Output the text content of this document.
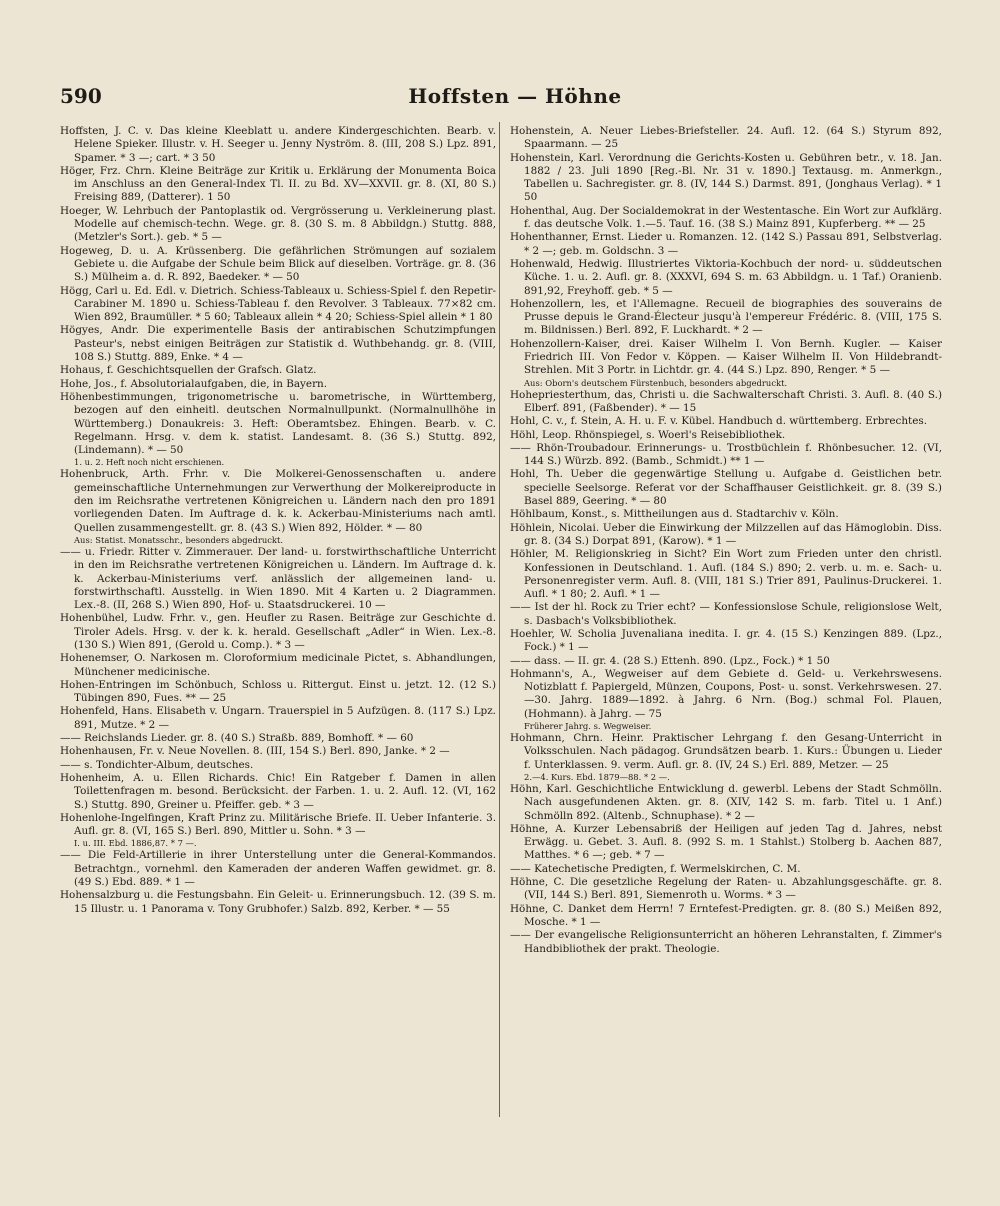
590	Hoffsten — Höhne

Hoffsten, J. C. v. Das kleine Kleeblatt u. andere Kindergeschichten. Bearb. v. Helene Spieker. Illustr. v. H. Seeger u. Jenny Nyström. 8. (III, 208 S.) Lpz. 891, Spamer. * 3 —; cart. * 3 50

Höger, Frz. Chrn. Kleine Beiträge zur Kritik u. Erklärung der Monumenta Boica im Anschluss an den General-Index Tl. II. zu Bd. XV—XXVII. gr. 8. (XI, 80 S.) Freising 889, (Datterer). 1 50

Hoeger, W. Lehrbuch der Pantoplastik od. Vergrösserung u. Verkleinerung plast. Modelle auf chemisch-techn. Wege. gr. 8. (30 S. m. 8 Abbildgn.) Stuttg. 888, (Metzler's Sort.). geb. * 5 —

Hogeweg, D. u. A. Krüssenberg. Die gefährlichen Strömungen auf sozialem Gebiete u. die Aufgabe der Schule beim Blick auf dieselben. Vorträge. gr. 8. (36 S.) Mülheim a. d. R. 892, Baedeker. * — 50

Högg, Carl u. Ed. Edl. v. Dietrich. Schiess-Tableaux u. Schiess-Spiel f. den Repetir-Carabiner M. 1890 u. Schiess-Tableau f. den Revolver. 3 Tableaux. 77×82 cm. Wien 892, Braumüller. * 5 60; Tableaux allein * 4 20; Schiess-Spiel allein * 1 80

Högyes, Andr. Die experimentelle Basis der antirabischen Schutzimpfungen Pasteur's, nebst einigen Beiträgen zur Statistik d. Wuthbehandg. gr. 8. (VIII, 108 S.) Stuttg. 889, Enke. * 4 —

Hohaus, f. Geschichtsquellen der Grafsch. Glatz.

Hohe, Jos., f. Absolutorialaufgaben, die, in Bayern.

Höhenbestimmungen, trigonometrische u. barometrische, in Württemberg, bezogen auf den einheitl. deutschen Normalnullpunkt. (Normalnullhöhe in Württemberg.) Donaukreis: 3. Heft: Oberamtsbez. Ehingen. Bearb. v. C. Regelmann. Hrsg. v. dem k. statist. Landesamt. 8. (36 S.) Stuttg. 892, (Lindemann). * — 50

1. u. 2. Heft noch nicht erschienen.

Hohenbruck, Arth. Frhr. v. Die Molkerei-Genossenschaften u. andere gemeinschaftliche Unternehmungen zur Verwerthung der Molkereiproducte in den im Reichsrathe vertretenen Königreichen u. Ländern nach den pro 1891 vorliegenden Daten. Im Auftrage d. k. k. Ackerbau-Ministeriums nach amtl. Quellen zusammengestellt. gr. 8. (43 S.) Wien 892, Hölder. * — 80

Aus: Statist. Monatsschr., besonders abgedruckt.

—— u. Friedr. Ritter v. Zimmerauer. Der land- u. forstwirthschaftliche Unterricht in den im Reichsrathe vertretenen Königreichen u. Ländern. Im Auftrage d. k. k. Ackerbau-Ministeriums verf. anlässlich der allgemeinen land- u. forstwirthschaftl. Ausstellg. in Wien 1890. Mit 4 Karten u. 2 Diagrammen. Lex.-8. (II, 268 S.) Wien 890, Hof- u. Staatsdruckerei. 10 —

Hohenbühel, Ludw. Frhr. v., gen. Heufler zu Rasen. Beiträge zur Geschichte d. Tiroler Adels. Hrsg. v. der k. k. herald. Gesellschaft „Adler“ in Wien. Lex.-8. (130 S.) Wien 891, (Gerold u. Comp.). * 3 —

Hohenemser, O. Narkosen m. Cloroformium medicinale Pictet, s. Abhandlungen, Münchener medicinische.

Hohen-Entringen im Schönbuch, Schloss u. Rittergut. Einst u. jetzt. 12. (12 S.) Tübingen 890, Fues. ** — 25

Hohenfeld, Hans. Elisabeth v. Ungarn. Trauerspiel in 5 Aufzügen. 8. (117 S.) Lpz. 891, Mutze. * 2 —

—— Reichslands Lieder. gr. 8. (40 S.) Straßb. 889, Bomhoff. * — 60

Hohenhausen, Fr. v. Neue Novellen. 8. (III, 154 S.) Berl. 890, Janke. * 2 —

—— s. Tondichter-Album, deutsches.

Hohenheim, A. u. Ellen Richards. Chic! Ein Ratgeber f. Damen in allen Toilettenfragen m. besond. Berücksicht. der Farben. 1. u. 2. Aufl. 12. (VI, 162 S.) Stuttg. 890, Greiner u. Pfeiffer. geb. * 3 —

Hohenlohe-Ingelfingen, Kraft Prinz zu. Militärische Briefe. II. Ueber Infanterie. 3. Aufl. gr. 8. (VI, 165 S.) Berl. 890, Mittler u. Sohn. * 3 —

I. u. III. Ebd. 1886,87. * 7 —.

—— Die Feld-Artillerie in ihrer Unterstellung unter die General-Kommandos. Betrachtgn., vornehml. den Kameraden der anderen Waffen gewidmet. gr. 8. (49 S.) Ebd. 889. * 1 —

Hohensalzburg u. die Festungsbahn. Ein Geleit- u. Erinnerungsbuch. 12. (39 S. m. 15 Illustr. u. 1 Panorama v. Tony Grubhofer.) Salzb. 892, Kerber. * — 55

Hohenstein, A. Neuer Liebes-Briefsteller. 24. Aufl. 12. (64 S.) Styrum 892, Spaarmann. — 25

Hohenstein, Karl. Verordnung die Gerichts-Kosten u. Gebühren betr., v. 18. Jan. 1882 / 23. Juli 1890 [Reg.-Bl. Nr. 31 v. 1890.] Textausg. m. Anmerkgn., Tabellen u. Sachregister. gr. 8. (IV, 144 S.) Darmst. 891, (Jonghaus Verlag). * 1 50

Hohenthal, Aug. Der Socialdemokrat in der Westentasche. Ein Wort zur Aufklärg. f. das deutsche Volk. 1.—5. Tauf. 16. (38 S.) Mainz 891, Kupferberg. ** — 25

Hohenthanner, Ernst. Lieder u. Romanzen. 12. (142 S.) Passau 891, Selbstverlag. * 2 —; geb. m. Goldschn. 3 —

Hohenwald, Hedwig. Illustriertes Viktoria-Kochbuch der nord- u. süddeutschen Küche. 1. u. 2. Aufl. gr. 8. (XXXVI, 694 S. m. 63 Abbildgn. u. 1 Taf.) Oranienb. 891,92, Freyhoff. geb. * 5 —

Hohenzollern, les, et l'Allemagne. Recueil de biographies des souverains de Prusse depuis le Grand-Électeur jusqu'à l'empereur Frédéric. 8. (VIII, 175 S. m. Bildnissen.) Berl. 892, F. Luckhardt. * 2 —

Hohenzollern-Kaiser, drei. Kaiser Wilhelm I. Von Bernh. Kugler. — Kaiser Friedrich III. Von Fedor v. Köppen. — Kaiser Wilhelm II. Von Hildebrandt-Strehlen. Mit 3 Portr. in Lichtdr. gr. 4. (44 S.) Lpz. 890, Renger. * 5 —

Aus: Oborn's deutschem Fürstenbuch, besonders abgedruckt.

Hohepriesterthum, das, Christi u. die Sachwalterschaft Christi. 3. Aufl. 8. (40 S.) Elberf. 891, (Faßbender). * — 15

Hohl, C. v., f. Stein, A. H. u. F. v. Kübel. Handbuch d. württemberg. Erbrechtes.

Höhl, Leop. Rhönspiegel, s. Woerl's Reisebibliothek.

—— Rhön-Troubadour. Erinnerungs- u. Trostbüchlein f. Rhönbesucher. 12. (VI, 144 S.) Würzb. 892. (Bamb., Schmidt.) ** 1 —

Hohl, Th. Ueber die gegenwärtige Stellung u. Aufgabe d. Geistlichen betr. specielle Seelsorge. Referat vor der Schaffhauser Geistlichkeit. gr. 8. (39 S.) Basel 889, Geering. * — 80

Höhlbaum, Konst., s. Mittheilungen aus d. Stadtarchiv v. Köln.

Höhlein, Nicolai. Ueber die Einwirkung der Milzzellen auf das Hämoglobin. Diss. gr. 8. (34 S.) Dorpat 891, (Karow). * 1 —

Höhler, M. Religionskrieg in Sicht? Ein Wort zum Frieden unter den christl. Konfessionen in Deutschland. 1. Aufl. (184 S.) 890; 2. verb. u. m. e. Sach- u. Personenregister verm. Aufl. 8. (VIII, 181 S.) Trier 891, Paulinus-Druckerei. 1. Aufl. * 1 80; 2. Aufl. * 1 —

—— Ist der hl. Rock zu Trier echt? — Konfessionslose Schule, religionslose Welt, s. Dasbach's Volksbibliothek.

Hoehler, W. Scholia Juvenaliana inedita. I. gr. 4. (15 S.) Kenzingen 889. (Lpz., Fock.) * 1 —

—— dass. — II. gr. 4. (28 S.) Ettenh. 890. (Lpz., Fock.) * 1 50

Hohmann's, A., Wegweiser auf dem Gebiete d. Geld- u. Verkehrswesens. Notizblatt f. Papiergeld, Münzen, Coupons, Post- u. sonst. Verkehrswesen. 27.—30. Jahrg. 1889—1892. à Jahrg. 6 Nrn. (Bog.) schmal Fol. Plauen, (Hohmann). à Jahrg. — 75

Früherer Jahrg. s. Wegweiser.

Hohmann, Chrn. Heinr. Praktischer Lehrgang f. den Gesang-Unterricht in Volksschulen. Nach pädagog. Grundsätzen bearb. 1. Kurs.: Übungen u. Lieder f. Unterklassen. 9. verm. Aufl. gr. 8. (IV, 24 S.) Erl. 889, Metzer. — 25

2.—4. Kurs. Ebd. 1879—88. * 2 —.

Höhn, Karl. Geschichtliche Entwicklung d. gewerbl. Lebens der Stadt Schmölln. Nach ausgefundenen Akten. gr. 8. (XIV, 142 S. m. farb. Titel u. 1 Anf.) Schmölln 892. (Altenb., Schnuphase). * 2 —

Höhne, A. Kurzer Lebensabriß der Heiligen auf jeden Tag d. Jahres, nebst Erwägg. u. Gebet. 3. Aufl. 8. (992 S. m. 1 Stahlst.) Stolberg b. Aachen 887, Matthes. * 6 —; geb. * 7 —

—— Katechetische Predigten, f. Wermelskirchen, C. M.

Höhne, C. Die gesetzliche Regelung der Raten- u. Abzahlungsgeschäfte. gr. 8. (VII, 144 S.) Berl. 891, Siemenroth u. Worms. * 3 —

Höhne, C. Danket dem Herrn! 7 Erntefest-Predigten. gr. 8. (80 S.) Meißen 892, Mosche. * 1 —

—— Der evangelische Religionsunterricht an höheren Lehranstalten, f. Zimmer's Handbibliothek der prakt. Theologie.
